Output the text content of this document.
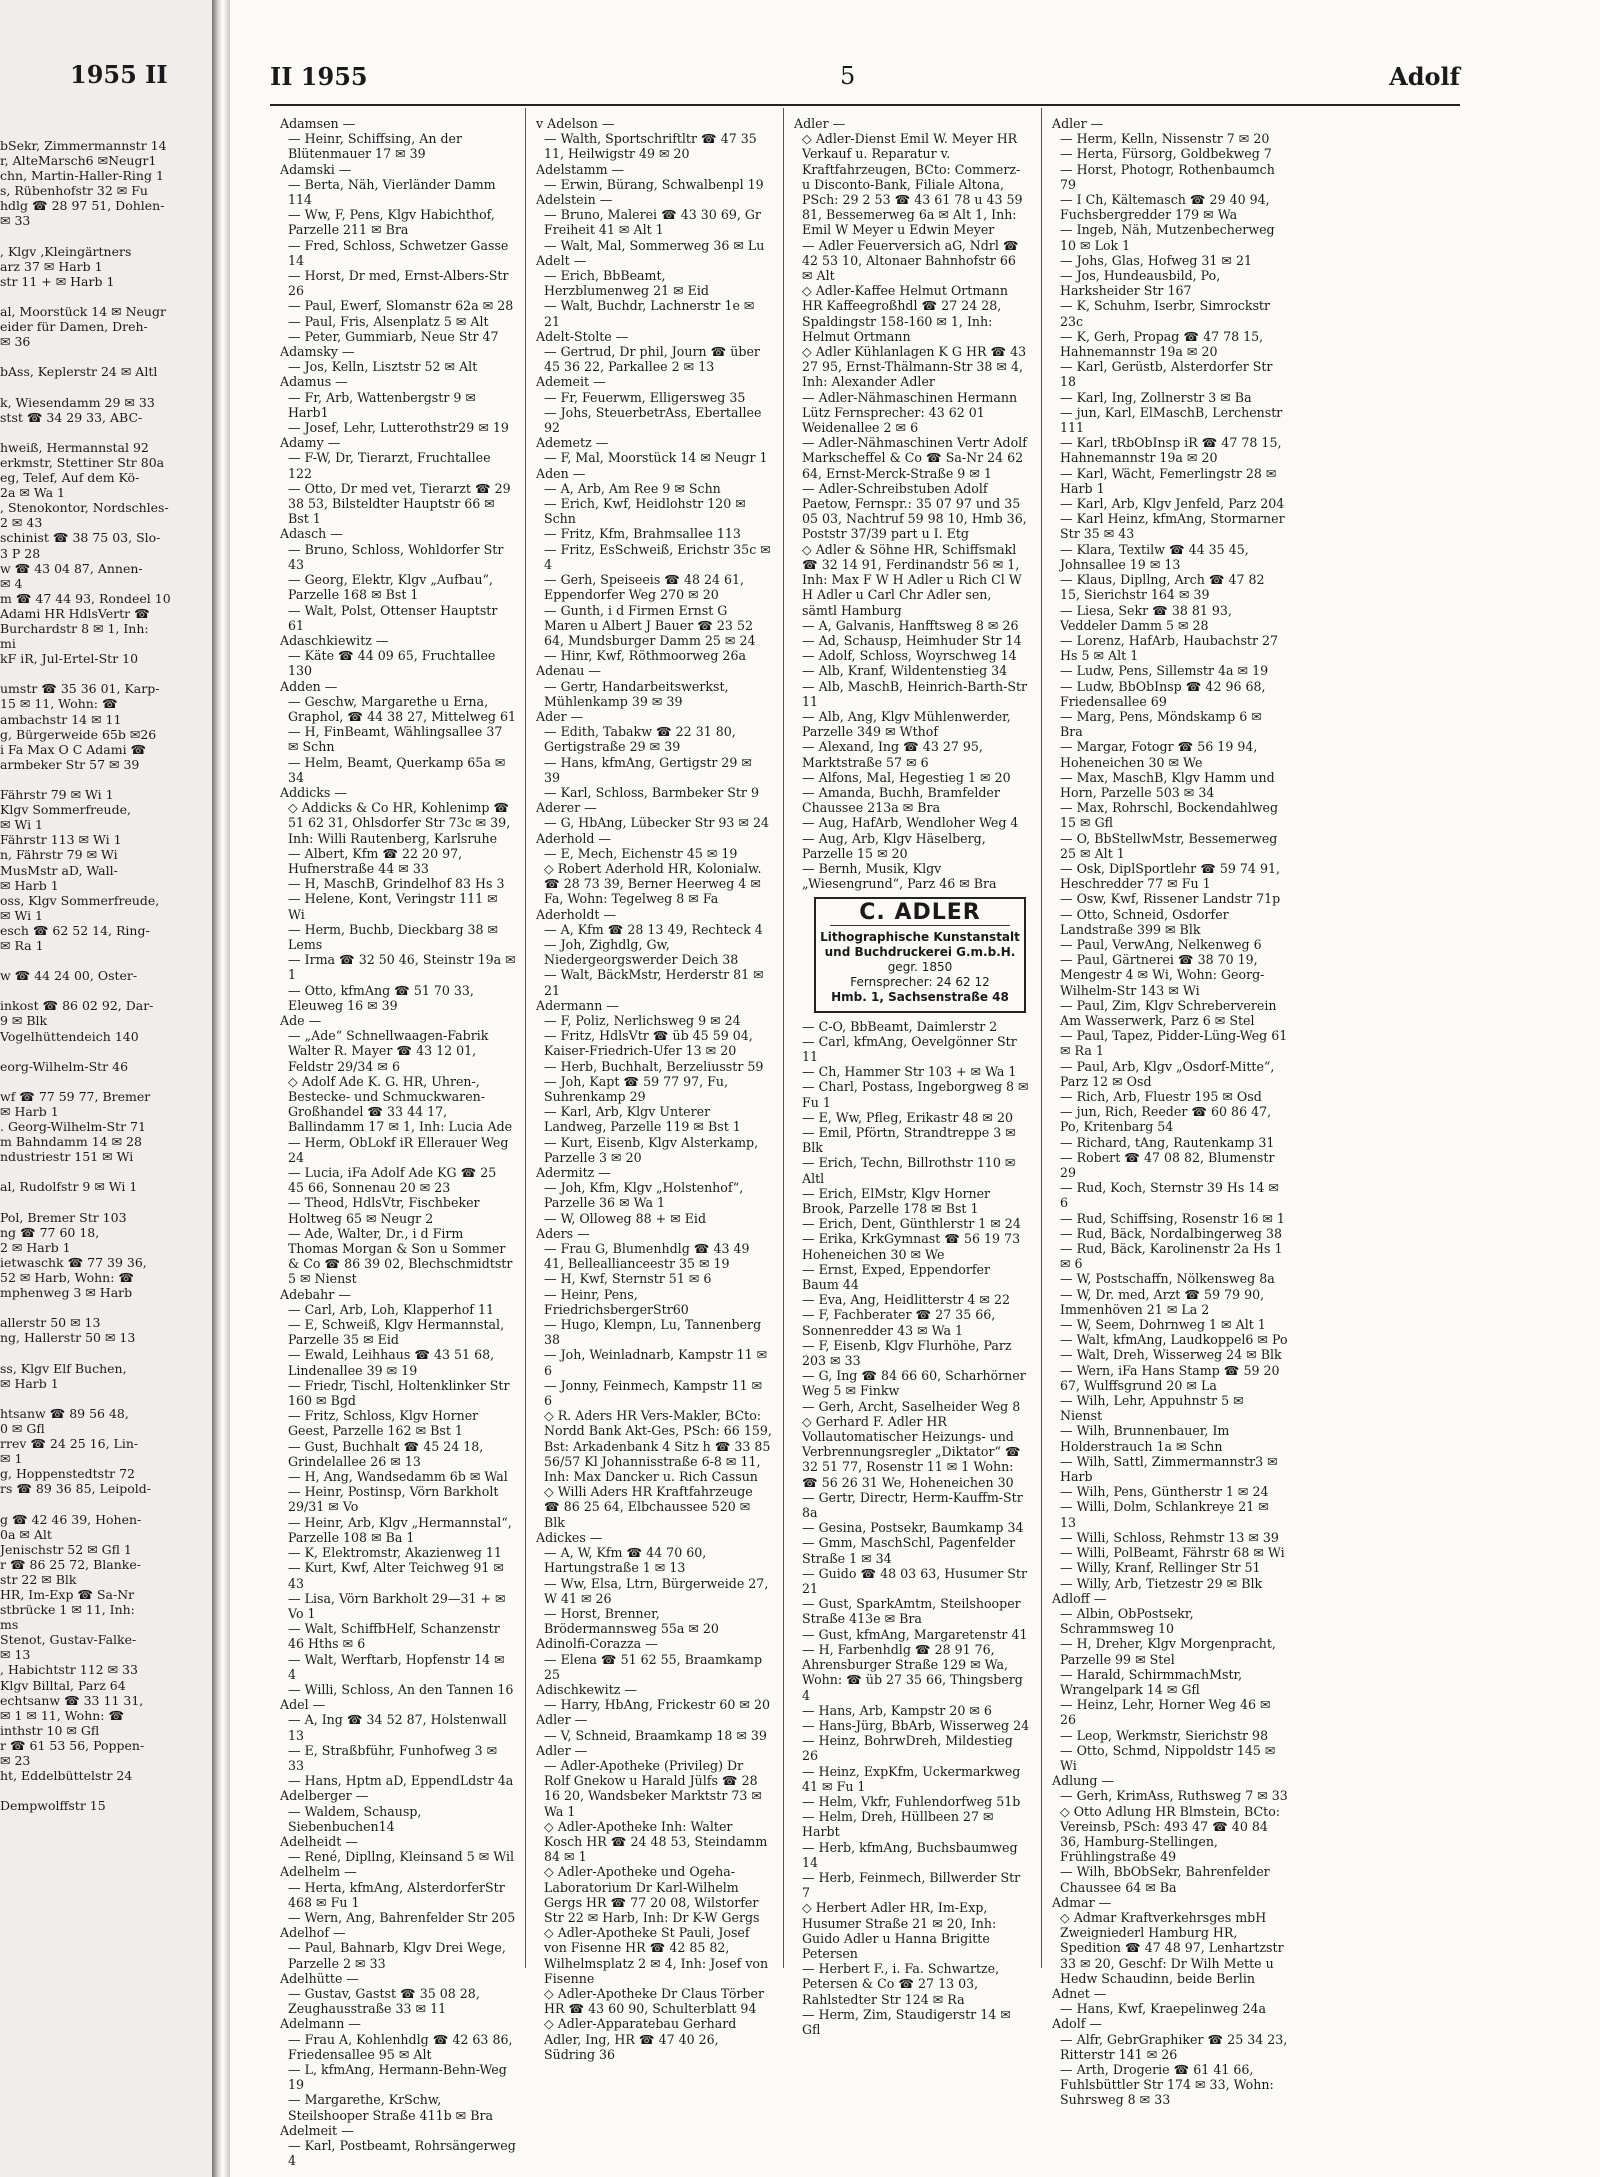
1955 II
bSekr, Zimmermannstr 14
r, AlteMarsch6 ✉Neugr1
chn, Martin-Haller-Ring 1
s, Rübenhofstr 32 ✉ Fu
hdlg ☎ 28 97 51, Dohlen-
✉ 33

, Klgv ,Kleingärtners
arz 37 ✉ Harb 1
str 11 + ✉ Harb 1

al, Moorstück 14 ✉ Neugr
eider für Damen, Dreh-
✉ 36

bAss, Keplerstr 24 ✉ Altl

k, Wiesendamm 29 ✉ 33
stst ☎ 34 29 33, ABC-

hweiß, Hermannstal 92
erkmstr, Stettiner Str 80a
eg, Telef, Auf dem Kö-
2a ✉ Wa 1
, Stenokontor, Nordschles-
2 ✉ 43
schinist ☎ 38 75 03, Slo-
3 P 28
w ☎ 43 04 87, Annen-
✉ 4
m ☎ 47 44 93, Rondeel 10
Adami HR HdlsVertr ☎
Burchardstr 8 ✉ 1, Inh:
mi
kF iR, Jul-Ertel-Str 10

umstr ☎ 35 36 01, Karp-
15 ✉ 11, Wohn: ☎
ambachstr 14 ✉ 11
g, Bürgerweide 65b ✉26
i Fa Max O C Adami ☎
armbeker Str 57 ✉ 39

Fährstr 79 ✉ Wi 1
Klgv Sommerfreude,
✉ Wi 1
Fährstr 113 ✉ Wi 1
n, Fährstr 79 ✉ Wi
MusMstr aD, Wall-
✉ Harb 1
oss, Klgv Sommerfreude,
✉ Wi 1
esch ☎ 62 52 14, Ring-
✉ Ra 1

w ☎ 44 24 00, Oster-

inkost ☎ 86 02 92, Dar-
9 ✉ Blk
Vogelhüttendeich 140

eorg-Wilhelm-Str 46

wf ☎ 77 59 77, Bremer
✉ Harb 1
. Georg-Wilhelm-Str 71
m Bahndamm 14 ✉ 28
ndustriestr 151 ✉ Wi

al, Rudolfstr 9 ✉ Wi 1

Pol, Bremer Str 103
ng ☎ 77 60 18,
2 ✉ Harb 1
ietwaschk ☎ 77 39 36,
52 ✉ Harb, Wohn: ☎
mphenweg 3 ✉ Harb

allerstr 50 ✉ 13
ng, Hallerstr 50 ✉ 13

ss, Klgv Elf Buchen,
✉ Harb 1

htsanw ☎ 89 56 48,
0 ✉ Gfl
rrev ☎ 24 25 16, Lin-
✉ 1
g, Hoppenstedtstr 72
rs ☎ 89 36 85, Leipold-

g ☎ 42 46 39, Hohen-
0a ✉ Alt
Jenischstr 52 ✉ Gfl 1
r ☎ 86 25 72, Blanke-
str 22 ✉ Blk
HR, Im-Exp ☎ Sa-Nr
stbrücke 1 ✉ 11, Inh:
ms
Stenot, Gustav-Falke-
✉ 13
, Habichtstr 112 ✉ 33
Klgv Billtal, Parz 64
echtsanw ☎ 33 11 31,
✉ 1 ✉ 11, Wohn: ☎
inthstr 10 ✉ Gfl
r ☎ 61 53 56, Poppen-
✉ 23
ht, Eddelbüttelstr 24

Dempwolffstr 15
II 1955	5	Adolf
Adamsen —
— Heinr, Schiffsing, An der Blütenmauer 17 ✉ 39
Adamski —
— Berta, Näh, Vierländer Damm 114
— Ww, F, Pens, Klgv Habichthof, Parzelle 211 ✉ Bra
— Fred, Schloss, Schwetzer Gasse 14
— Horst, Dr med, Ernst-Albers-Str 26
— Paul, Ewerf, Slomanstr 62a ✉ 28
— Paul, Fris, Alsenplatz 5 ✉ Alt
— Peter, Gummiarb, Neue Str 47
Adamsky —
— Jos, Kelln, Lisztstr 52 ✉ Alt
Adamus —
— Fr, Arb, Wattenbergstr 9 ✉ Harb1
— Josef, Lehr, Lutterothstr29 ✉ 19
Adamy —
— F-W, Dr, Tierarzt, Fruchtallee 122
— Otto, Dr med vet, Tierarzt ☎ 29 38 53, Bilsteldter Hauptstr 66 ✉ Bst 1
Adasch —
— Bruno, Schloss, Wohldorfer Str 43
— Georg, Elektr, Klgv „Aufbau“, Parzelle 168 ✉ Bst 1
— Walt, Polst, Ottenser Hauptstr 61
Adaschkiewitz —
— Käte ☎ 44 09 65, Fruchtallee 130
Adden —
— Geschw, Margarethe u Erna, Graphol, ☎ 44 38 27, Mittelweg 61
— H, FinBeamt, Wählingsallee 37 ✉ Schn
— Helm, Beamt, Querkamp 65a ✉ 34
Addicks —
◇ Addicks & Co HR, Kohlenimp ☎ 51 62 31, Ohlsdorfer Str 73c ✉ 39, Inh: Willi Rautenberg, Karlsruhe
— Albert, Kfm ☎ 22 20 97, Hufnerstraße 44 ✉ 33
— H, MaschB, Grindelhof 83 Hs 3
— Helene, Kont, Veringstr 111 ✉ Wi
— Herm, Buchb, Dieckbarg 38 ✉ Lems
— Irma ☎ 32 50 46, Steinstr 19a ✉ 1
— Otto, kfmAng ☎ 51 70 33, Eleuweg 16 ✉ 39
Ade —
— „Ade“ Schnellwaagen-Fabrik Walter R. Mayer ☎ 43 12 01, Feldstr 29/34 ✉ 6
◇ Adolf Ade K. G. HR, Uhren-, Bestecke- und Schmuckwaren-Großhandel ☎ 33 44 17, Ballindamm 17 ✉ 1, Inh: Lucia Ade
— Herm, ObLokf iR Ellerauer Weg 24
— Lucia, iFa Adolf Ade KG ☎ 25 45 66, Sonnenau 20 ✉ 23
— Theod, HdlsVtr, Fischbeker Holtweg 65 ✉ Neugr 2
— Ade, Walter, Dr., i d Firm Thomas Morgan & Son u Sommer & Co ☎ 86 39 02, Blechschmidtstr 5 ✉ Nienst
Adebahr —
— Carl, Arb, Loh, Klapperhof 11
— E, Schweiß, Klgv Hermannstal, Parzelle 35 ✉ Eid
— Ewald, Leihhaus ☎ 43 51 68, Lindenallee 39 ✉ 19
— Friedr, Tischl, Holtenklinker Str 160 ✉ Bgd
— Fritz, Schloss, Klgv Horner Geest, Parzelle 162 ✉ Bst 1
— Gust, Buchhalt ☎ 45 24 18, Grindelallee 26 ✉ 13
— H, Ang, Wandsedamm 6b ✉ Wal
— Heinr, Postinsp, Vörn Barkholt 29/31 ✉ Vo
— Heinr, Arb, Klgv „Hermannstal“, Parzelle 108 ✉ Ba 1
— K, Elektromstr, Akazienweg 11
— Kurt, Kwf, Alter Teichweg 91 ✉ 43
— Lisa, Vörn Barkholt 29—31 + ✉ Vo 1
— Walt, SchiffbHelf, Schanzenstr 46 Hths ✉ 6
— Walt, Werftarb, Hopfenstr 14 ✉ 4
— Willi, Schloss, An den Tannen 16
Adel —
— A, Ing ☎ 34 52 87, Holstenwall 13
— E, Straßbführ, Funhofweg 3 ✉ 33
— Hans, Hptm aD, EppendLdstr 4a
Adelberger —
— Waldem, Schausp, Siebenbuchen14
Adelheidt —
— René, Dipllng, Kleinsand 5 ✉ Wil
Adelhelm —
— Herta, kfmAng, AlsterdorferStr 468 ✉ Fu 1
— Wern, Ang, Bahrenfelder Str 205
Adelhof —
— Paul, Bahnarb, Klgv Drei Wege, Parzelle 2 ✉ 33
Adelhütte —
— Gustav, Gastst ☎ 35 08 28, Zeughausstraße 33 ✉ 11
Adelmann —
— Frau A, Kohlenhdlg ☎ 42 63 86, Friedensallee 95 ✉ Alt
— L, kfmAng, Hermann-Behn-Weg 19
— Margarethe, KrSchw, Steilshooper Straße 411b ✉ Bra
Adelmeit —
— Karl, Postbeamt, Rohrsängerweg 4
v Adelson —
— Walth, Sportschriftltr ☎ 47 35 11, Heilwigstr 49 ✉ 20
Adelstamm —
— Erwin, Bürang, Schwalbenpl 19
Adelstein —
— Bruno, Malerei ☎ 43 30 69, Gr Freiheit 41 ✉ Alt 1
— Walt, Mal, Sommerweg 36 ✉ Lu
Adelt —
— Erich, BbBeamt, Herzblumenweg 21 ✉ Eid
— Walt, Buchdr, Lachnerstr 1e ✉ 21
Adelt-Stolte —
— Gertrud, Dr phil, Journ ☎ über 45 36 22, Parkallee 2 ✉ 13
Ademeit —
— Fr, Feuerwm, Elligersweg 35
— Johs, SteuerbetrAss, Ebertallee 92
Ademetz —
— F, Mal, Moorstück 14 ✉ Neugr 1
Aden —
— A, Arb, Am Ree 9 ✉ Schn
— Erich, Kwf, Heidlohstr 120 ✉ Schn
— Fritz, Kfm, Brahmsallee 113
— Fritz, EsSchweiß, Erichstr 35c ✉ 4
— Gerh, Speiseeis ☎ 48 24 61, Eppendorfer Weg 270 ✉ 20
— Gunth, i d Firmen Ernst G Maren u Albert J Bauer ☎ 23 52 64, Mundsburger Damm 25 ✉ 24
— Hinr, Kwf, Röthmoorweg 26a
Adenau —
— Gertr, Handarbeitswerkst, Mühlenkamp 39 ✉ 39
Ader —
— Edith, Tabakw ☎ 22 31 80, Gertigstraße 29 ✉ 39
— Hans, kfmAng, Gertigstr 29 ✉ 39
— Karl, Schloss, Barmbeker Str 9
Aderer —
— G, HbAng, Lübecker Str 93 ✉ 24
Aderhold —
— E, Mech, Eichenstr 45 ✉ 19
◇ Robert Aderhold HR, Kolonialw. ☎ 28 73 39, Berner Heerweg 4 ✉ Fa, Wohn: Tegelweg 8 ✉ Fa
Aderholdt —
— A, Kfm ☎ 28 13 49, Rechteck 4
— Joh, Zighdlg, Gw, Niedergeorgswerder Deich 38
— Walt, BäckMstr, Herderstr 81 ✉ 21
Adermann —
— F, Poliz, Nerlichsweg 9 ✉ 24
— Fritz, HdlsVtr ☎ üb 45 59 04, Kaiser-Friedrich-Ufer 13 ✉ 20
— Herb, Buchhalt, Berzeliusstr 59
— Joh, Kapt ☎ 59 77 97, Fu, Suhrenkamp 29
— Karl, Arb, Klgv Unterer Landweg, Parzelle 119 ✉ Bst 1
— Kurt, Eisenb, Klgv Alsterkamp, Parzelle 3 ✉ 20
Adermitz —
— Joh, Kfm, Klgv „Holstenhof“, Parzelle 36 ✉ Wa 1
— W, Olloweg 88 + ✉ Eid
Aders —
— Frau G, Blumenhdlg ☎ 43 49 41, Belleallianceestr 35 ✉ 19
— H, Kwf, Sternstr 51 ✉ 6
— Heinr, Pens, FriedrichsbergerStr60
— Hugo, Klempn, Lu, Tannenberg 38
— Joh, Weinladnarb, Kampstr 11 ✉ 6
— Jonny, Feinmech, Kampstr 11 ✉ 6
◇ R. Aders HR Vers-Makler, BCto: Nordd Bank Akt-Ges, PSch: 66 159, Bst: Arkadenbank 4 Sitz h ☎ 33 85 56/57 Kl Johannisstraße 6-8 ✉ 11, Inh: Max Dancker u. Rich Cassun
◇ Willi Aders HR Kraftfahrzeuge ☎ 86 25 64, Elbchaussee 520 ✉ Blk
Adickes —
— A, W, Kfm ☎ 44 70 60, Hartungstraße 1 ✉ 13
— Ww, Elsa, Ltrn, Bürgerweide 27, W 41 ✉ 26
— Horst, Brenner, Brödermannsweg 55a ✉ 20
Adinolfi-Corazza —
— Elena ☎ 51 62 55, Braamkamp 25
Adischkewitz —
— Harry, HbAng, Frickestr 60 ✉ 20
Adler —
— V, Schneid, Braamkamp 18 ✉ 39
Adler —
— Adler-Apotheke (Privileg) Dr Rolf Gnekow u Harald Jülfs ☎ 28 16 20, Wandsbeker Marktstr 73 ✉ Wa 1
◇ Adler-Apotheke Inh: Walter Kosch HR ☎ 24 48 53, Steindamm 84 ✉ 1
◇ Adler-Apotheke und Ogeha-Laboratorium Dr Karl-Wilhelm Gergs HR ☎ 77 20 08, Wilstorfer Str 22 ✉ Harb, Inh: Dr K-W Gergs
◇ Adler-Apotheke St Pauli, Josef von Fisenne HR ☎ 42 85 82, Wilhelmsplatz 2 ✉ 4, Inh: Josef von Fisenne
◇ Adler-Apotheke Dr Claus Törber HR ☎ 43 60 90, Schulterblatt 94
◇ Adler-Apparatebau Gerhard Adler, Ing, HR ☎ 47 40 26, Südring 36
Adler —
◇ Adler-Dienst Emil W. Meyer HR Verkauf u. Reparatur v. Kraftfahrzeugen, BCto: Commerz- u Disconto-Bank, Filiale Altona, PSch: 29 2 53 ☎ 43 61 78 u 43 59 81, Bessemerweg 6a ✉ Alt 1, Inh: Emil W Meyer u Edwin Meyer
— Adler Feuerversich aG, Ndrl ☎ 42 53 10, Altonaer Bahnhofstr 66 ✉ Alt
◇ Adler-Kaffee Helmut Ortmann HR Kaffeegroßhdl ☎ 27 24 28, Spaldingstr 158-160 ✉ 1, Inh: Helmut Ortmann
◇ Adler Kühlanlagen K G HR ☎ 43 27 95, Ernst-Thälmann-Str 38 ✉ 4, Inh: Alexander Adler
— Adler-Nähmaschinen Hermann Lütz Fernsprecher: 43 62 01 Weidenallee 2 ✉ 6
— Adler-Nähmaschinen Vertr Adolf Markscheffel & Co ☎ Sa-Nr 24 62 64, Ernst-Merck-Straße 9 ✉ 1
— Adler-Schreibstuben Adolf Paetow, Fernspr.: 35 07 97 und 35 05 03, Nachtruf 59 98 10, Hmb 36, Poststr 37/39 part u I. Etg
◇ Adler & Söhne HR, Schiffsmakl ☎ 32 14 91, Ferdinandstr 56 ✉ 1, Inh: Max F W H Adler u Rich Cl W H Adler u Carl Chr Adler sen, sämtl Hamburg
— A, Galvanis, Hanfftsweg 8 ✉ 26
— Ad, Schausp, Heimhuder Str 14
— Adolf, Schloss, Woyrschweg 14
— Alb, Kranf, Wildentenstieg 34
— Alb, MaschB, Heinrich-Barth-Str 11
— Alb, Ang, Klgv Mühlenwerder, Parzelle 349 ✉ Wthof
— Alexand, Ing ☎ 43 27 95, Marktstraße 57 ✉ 6
— Alfons, Mal, Hegestieg 1 ✉ 20
— Amanda, Buchh, Bramfelder Chaussee 213a ✉ Bra
— Aug, HafArb, Wendloher Weg 4
— Aug, Arb, Klgv Häselberg, Parzelle 15 ✉ 20
— Bernh, Musik, Klgv „Wiesengrund“, Parz 46 ✉ Bra
C. ADLER
Lithographische Kunstanstalt
und Buchdruckerei G.m.b.H.
gegr. 1850
Fernsprecher: 24 62 12
Hmb. 1, Sachsenstraße 48
— C-O, BbBeamt, Daimlerstr 2
— Carl, kfmAng, Oevelgönner Str 11
— Ch, Hammer Str 103 + ✉ Wa 1
— Charl, Postass, Ingeborgweg 8 ✉ Fu 1
— E, Ww, Pfleg, Erikastr 48 ✉ 20
— Emil, Pförtn, Strandtreppe 3 ✉ Blk
— Erich, Techn, Billrothstr 110 ✉ Altl
— Erich, ElMstr, Klgv Horner Brook, Parzelle 178 ✉ Bst 1
— Erich, Dent, Günthlerstr 1 ✉ 24
— Erika, KrkGymnast ☎ 56 19 73 Hoheneichen 30 ✉ We
— Ernst, Exped, Eppendorfer Baum 44
— Eva, Ang, Heidlitterstr 4 ✉ 22
— F, Fachberater ☎ 27 35 66, Sonnenredder 43 ✉ Wa 1
— F, Eisenb, Klgv Flurhöhe, Parz 203 ✉ 33
— G, Ing ☎ 84 66 60, Scharhörner Weg 5 ✉ Finkw
— Gerh, Archt, Saselheider Weg 8
◇ Gerhard F. Adler HR Vollautomatischer Heizungs- und Verbrennungsregler „Diktator“ ☎ 32 51 77, Rosenstr 11 ✉ 1 Wohn: ☎ 56 26 31 We, Hoheneichen 30
— Gertr, Directr, Herm-Kauffm-Str 8a
— Gesina, Postsekr, Baumkamp 34
— Gmm, MaschSchl, Pagenfelder Straße 1 ✉ 34
— Guido ☎ 48 03 63, Husumer Str 21
— Gust, SparkAmtm, Steilshooper Straße 413e ✉ Bra
— Gust, kfmAng, Margaretenstr 41
— H, Farbenhdlg ☎ 28 91 76, Ahrensburger Straße 129 ✉ Wa, Wohn: ☎ üb 27 35 66, Thingsberg 4
— Hans, Arb, Kampstr 20 ✉ 6
— Hans-Jürg, BbArb, Wisserweg 24
— Heinz, BohrwDreh, Mildestieg 26
— Heinz, ExpKfm, Uckermarkweg 41 ✉ Fu 1
— Helm, Vkfr, Fuhlendorfweg 51b
— Helm, Dreh, Hüllbeen 27 ✉ Harbt
— Herb, kfmAng, Buchsbaumweg 14
— Herb, Feinmech, Billwerder Str 7
◇ Herbert Adler HR, Im-Exp, Husumer Straße 21 ✉ 20, Inh: Guido Adler u Hanna Brigitte Petersen
— Herbert F., i. Fa. Schwartze, Petersen & Co ☎ 27 13 03, Rahlstedter Str 124 ✉ Ra
— Herm, Zim, Staudigerstr 14 ✉ Gfl
Adler —
— Herm, Kelln, Nissenstr 7 ✉ 20
— Herta, Fürsorg, Goldbekweg 7
— Horst, Photogr, Rothenbaumch 79
— I Ch, Kältemasch ☎ 29 40 94, Fuchsbergredder 179 ✉ Wa
— Ingeb, Näh, Mutzenbecherweg 10 ✉ Lok 1
— Johs, Glas, Hofweg 31 ✉ 21
— Jos, Hundeausbild, Po, Harksheider Str 167
— K, Schuhm, Iserbr, Simrockstr 23c
— K, Gerh, Propag ☎ 47 78 15, Hahnemannstr 19a ✉ 20
— Karl, Gerüstb, Alsterdorfer Str 18
— Karl, Ing, Zollnerstr 3 ✉ Ba
— jun, Karl, ElMaschB, Lerchenstr 111
— Karl, tRbObInsp iR ☎ 47 78 15, Hahnemannstr 19a ✉ 20
— Karl, Wächt, Femerlingstr 28 ✉ Harb 1
— Karl, Arb, Klgv Jenfeld, Parz 204
— Karl Heinz, kfmAng, Stormarner Str 35 ✉ 43
— Klara, Textilw ☎ 44 35 45, Johnsallee 19 ✉ 13
— Klaus, Dipllng, Arch ☎ 47 82 15, Sierichstr 164 ✉ 39
— Liesa, Sekr ☎ 38 81 93, Veddeler Damm 5 ✉ 28
— Lorenz, HafArb, Haubachstr 27 Hs 5 ✉ Alt 1
— Ludw, Pens, Sillemstr 4a ✉ 19
— Ludw, BbObInsp ☎ 42 96 68, Friedensallee 69
— Marg, Pens, Möndskamp 6 ✉ Bra
— Margar, Fotogr ☎ 56 19 94, Hoheneichen 30 ✉ We
— Max, MaschB, Klgv Hamm und Horn, Parzelle 503 ✉ 34
— Max, Rohrschl, Bockendahlweg 15 ✉ Gfl
— O, BbStellwMstr, Bessemerweg 25 ✉ Alt 1
— Osk, DiplSportlehr ☎ 59 74 91, Heschredder 77 ✉ Fu 1
— Osw, Kwf, Rissener Landstr 71p
— Otto, Schneid, Osdorfer Landstraße 399 ✉ Blk
— Paul, VerwAng, Nelkenweg 6
— Paul, Gärtnerei ☎ 38 70 19, Mengestr 4 ✉ Wi, Wohn: Georg-Wilhelm-Str 143 ✉ Wi
— Paul, Zim, Klgv Schreberverein Am Wasserwerk, Parz 6 ✉ Stel
— Paul, Tapez, Pidder-Lüng-Weg 61 ✉ Ra 1
— Paul, Arb, Klgv „Osdorf-Mitte“, Parz 12 ✉ Osd
— Rich, Arb, Fluestr 195 ✉ Osd
— jun, Rich, Reeder ☎ 60 86 47, Po, Kritenbarg 54
— Richard, tAng, Rautenkamp 31
— Robert ☎ 47 08 82, Blumenstr 29
— Rud, Koch, Sternstr 39 Hs 14 ✉ 6
— Rud, Schiffsing, Rosenstr 16 ✉ 1
— Rud, Bäck, Nordalbingerweg 38
— Rud, Bäck, Karolinenstr 2a Hs 1 ✉ 6
— W, Postschaffn, Nölkensweg 8a
— W, Dr. med, Arzt ☎ 59 79 90, Immenhöven 21 ✉ La 2
— W, Seem, Dohrnweg 1 ✉ Alt 1
— Walt, kfmAng, Laudkoppel6 ✉ Po
— Walt, Dreh, Wisserweg 24 ✉ Blk
— Wern, iFa Hans Stamp ☎ 59 20 67, Wulffsgrund 20 ✉ La
— Wilh, Lehr, Appuhnstr 5 ✉ Nienst
— Wilh, Brunnenbauer, Im Holderstrauch 1a ✉ Schn
— Wilh, Sattl, Zimmermannstr3 ✉ Harb
— Wilh, Pens, Güntherstr 1 ✉ 24
— Willi, Dolm, Schlankreye 21 ✉ 13
— Willi, Schloss, Rehmstr 13 ✉ 39
— Willi, PolBeamt, Fährstr 68 ✉ Wi
— Willy, Kranf, Rellinger Str 51
— Willy, Arb, Tietzestr 29 ✉ Blk
Adloff —
— Albin, ObPostsekr, Schrammsweg 10
— H, Dreher, Klgv Morgenpracht, Parzelle 99 ✉ Stel
— Harald, SchirmmachMstr, Wrangelpark 14 ✉ Gfl
— Heinz, Lehr, Horner Weg 46 ✉ 26
— Leop, Werkmstr, Sierichstr 98
— Otto, Schmd, Nippoldstr 145 ✉ Wi
Adlung —
— Gerh, KrimAss, Ruthsweg 7 ✉ 33
◇ Otto Adlung HR Blmstein, BCto: Vereinsb, PSch: 493 47 ☎ 40 84 36, Hamburg-Stellingen, Frühlingstraße 49
— Wilh, BbObSekr, Bahrenfelder Chaussee 64 ✉ Ba
Admar —
◇ Admar Kraftverkehrsges mbH Zweigniederl Hamburg HR, Spedition ☎ 47 48 97, Lenhartzstr 33 ✉ 20, Geschf: Dr Wilh Mette u Hedw Schaudinn, beide Berlin
Adnet —
— Hans, Kwf, Kraepelinweg 24a
Adolf —
— Alfr, GebrGraphiker ☎ 25 34 23, Ritterstr 141 ✉ 26
— Arth, Drogerie ☎ 61 41 66, Fuhlsbüttler Str 174 ✉ 33, Wohn: Suhrsweg 8 ✉ 33
